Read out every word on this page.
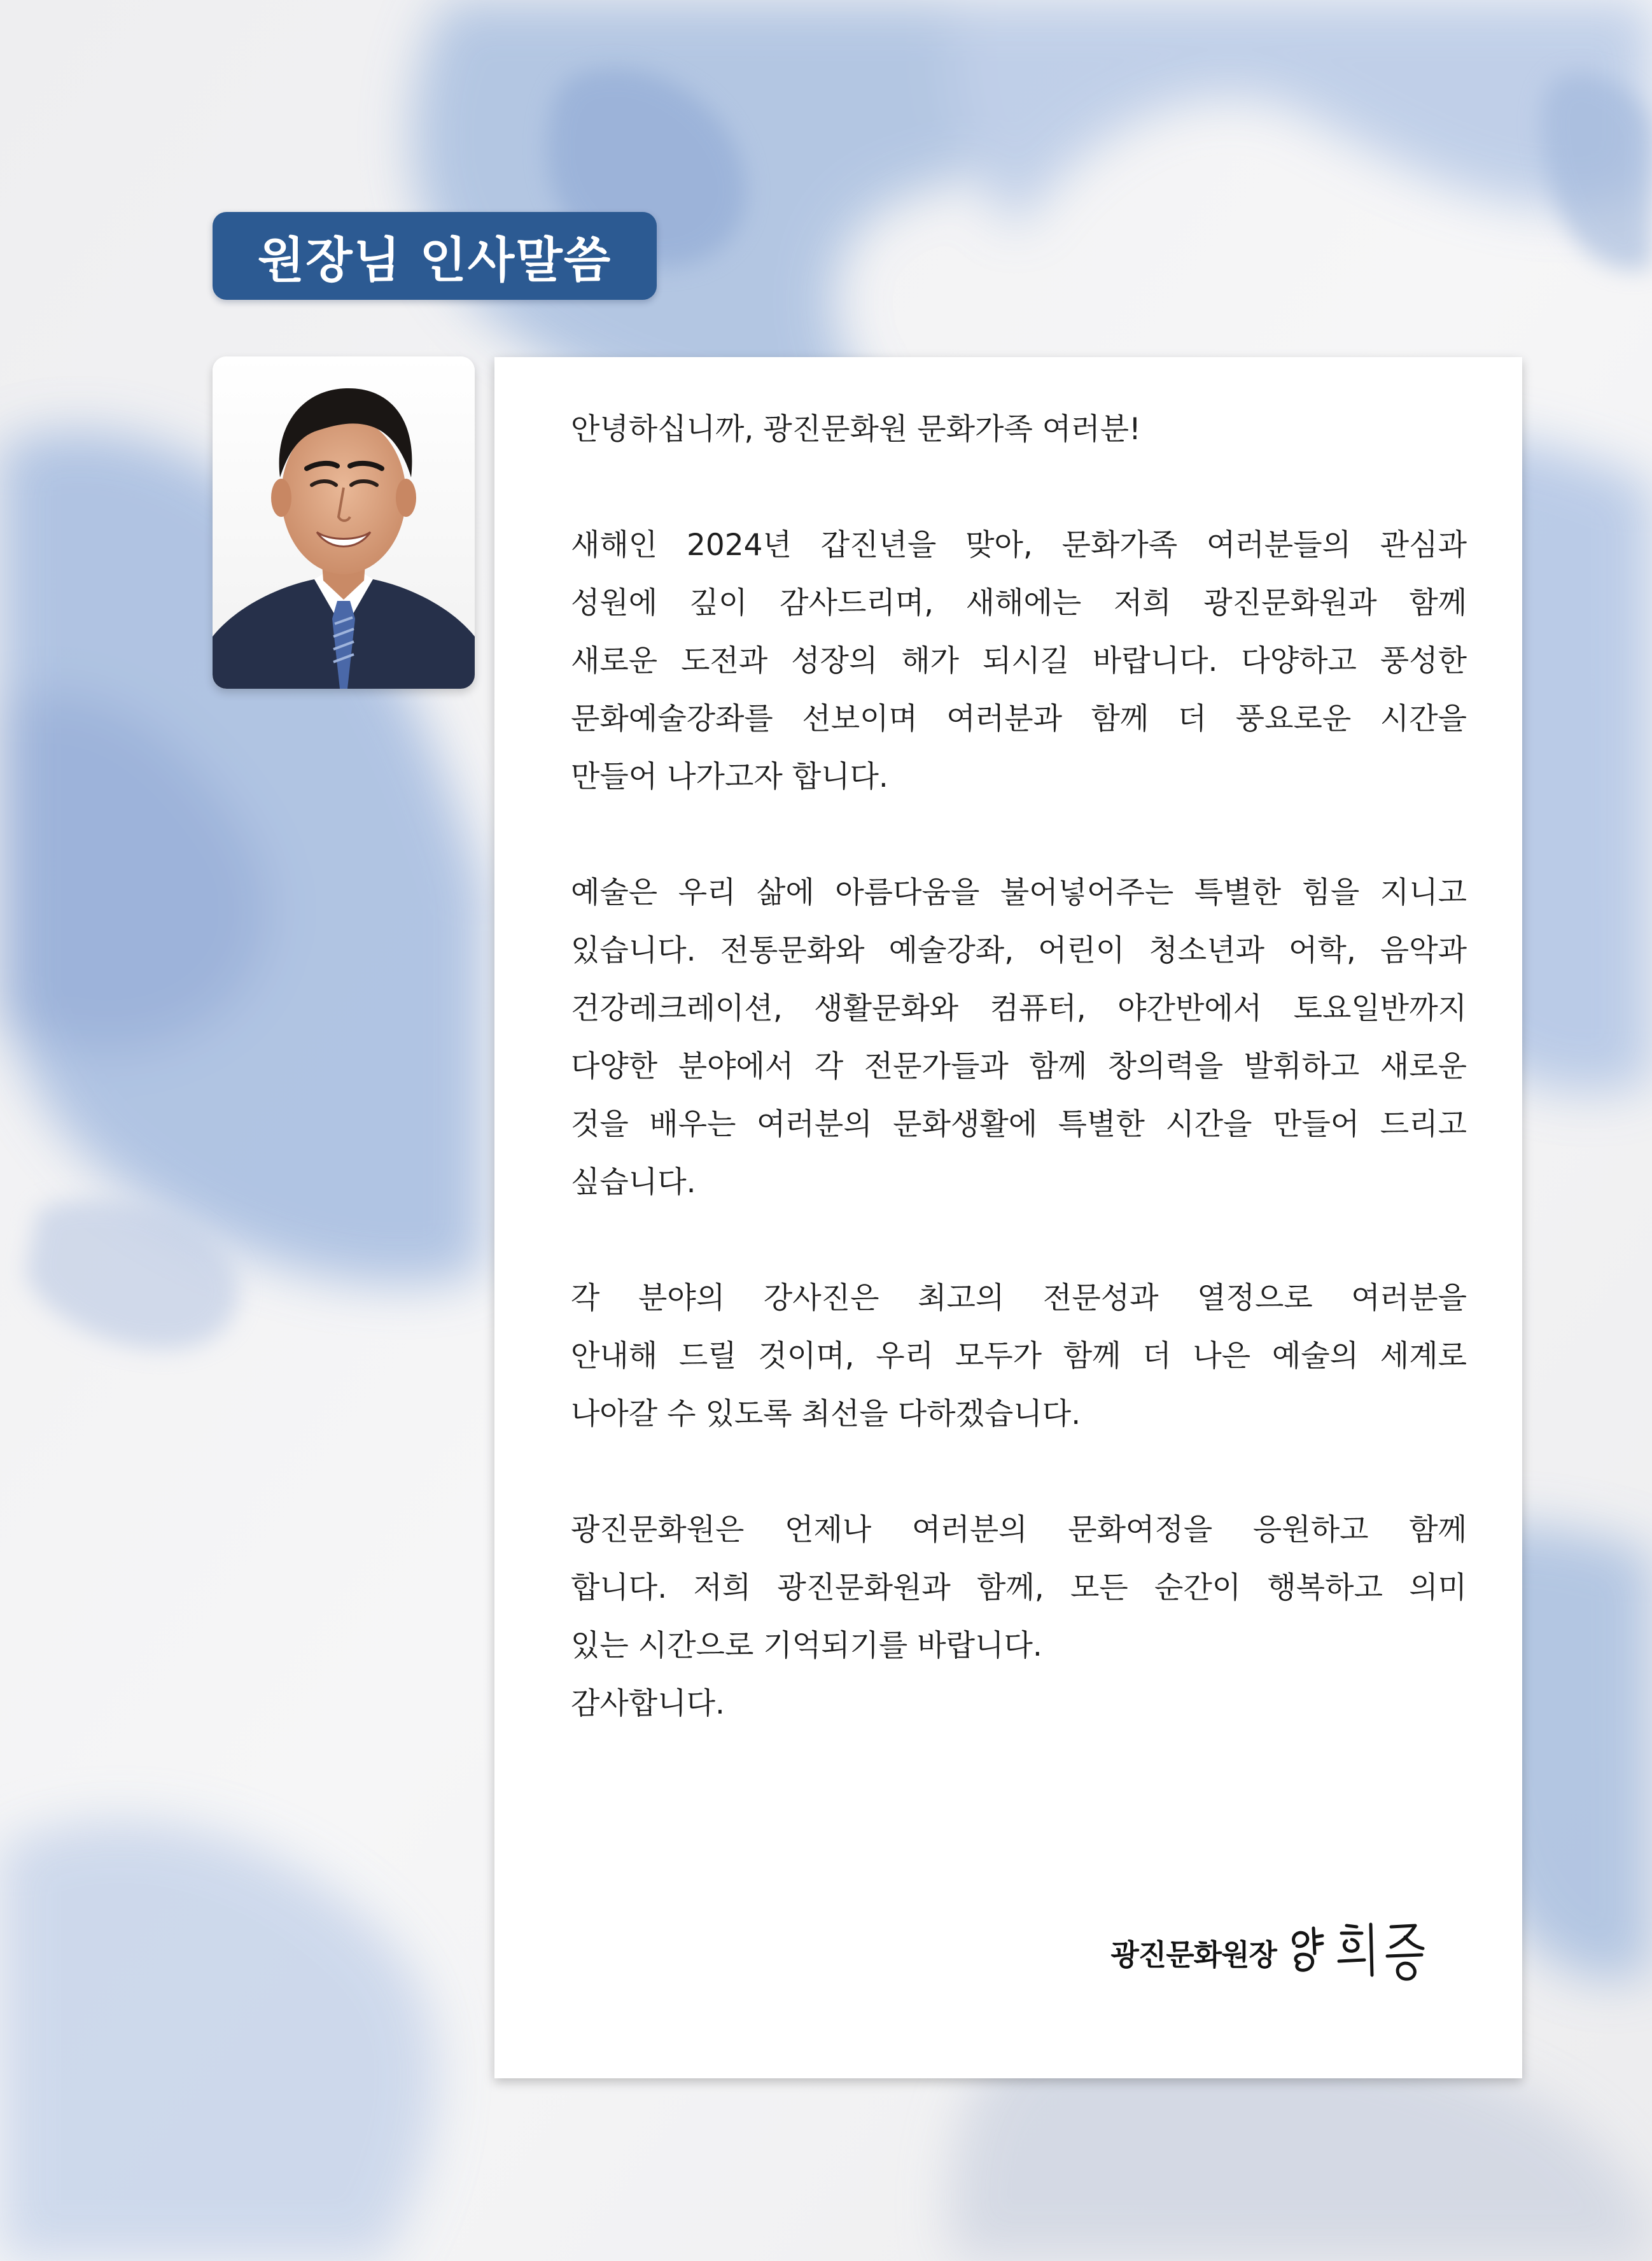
원장님 인사말씀
안녕하십니까, 광진문화원 문화가족 여러분!
새해인 2024년 갑진년을 맞아, 문화가족 여러분들의 관심과
성원에 깊이 감사드리며, 새해에는 저희 광진문화원과 함께
새로운 도전과 성장의 해가 되시길 바랍니다. 다양하고 풍성한
문화예술강좌를 선보이며 여러분과 함께 더 풍요로운 시간을
만들어 나가고자 합니다.
예술은 우리 삶에 아름다움을 불어넣어주는 특별한 힘을 지니고
있습니다. 전통문화와 예술강좌, 어린이 청소년과 어학, 음악과
건강레크레이션, 생활문화와 컴퓨터, 야간반에서 토요일반까지
다양한 분야에서 각 전문가들과 함께 창의력을 발휘하고 새로운
것을 배우는 여러분의 문화생활에 특별한 시간을 만들어 드리고
싶습니다.
각 분야의 강사진은 최고의 전문성과 열정으로 여러분을
안내해 드릴 것이며, 우리 모두가 함께 더 나은 예술의 세계로
나아갈 수 있도록 최선을 다하겠습니다.
광진문화원은 언제나 여러분의 문화여정을 응원하고 함께
합니다. 저희 광진문화원과 함께, 모든 순간이 행복하고 의미
있는 시간으로 기억되기를 바랍니다.
감사합니다.
광진문화원장
